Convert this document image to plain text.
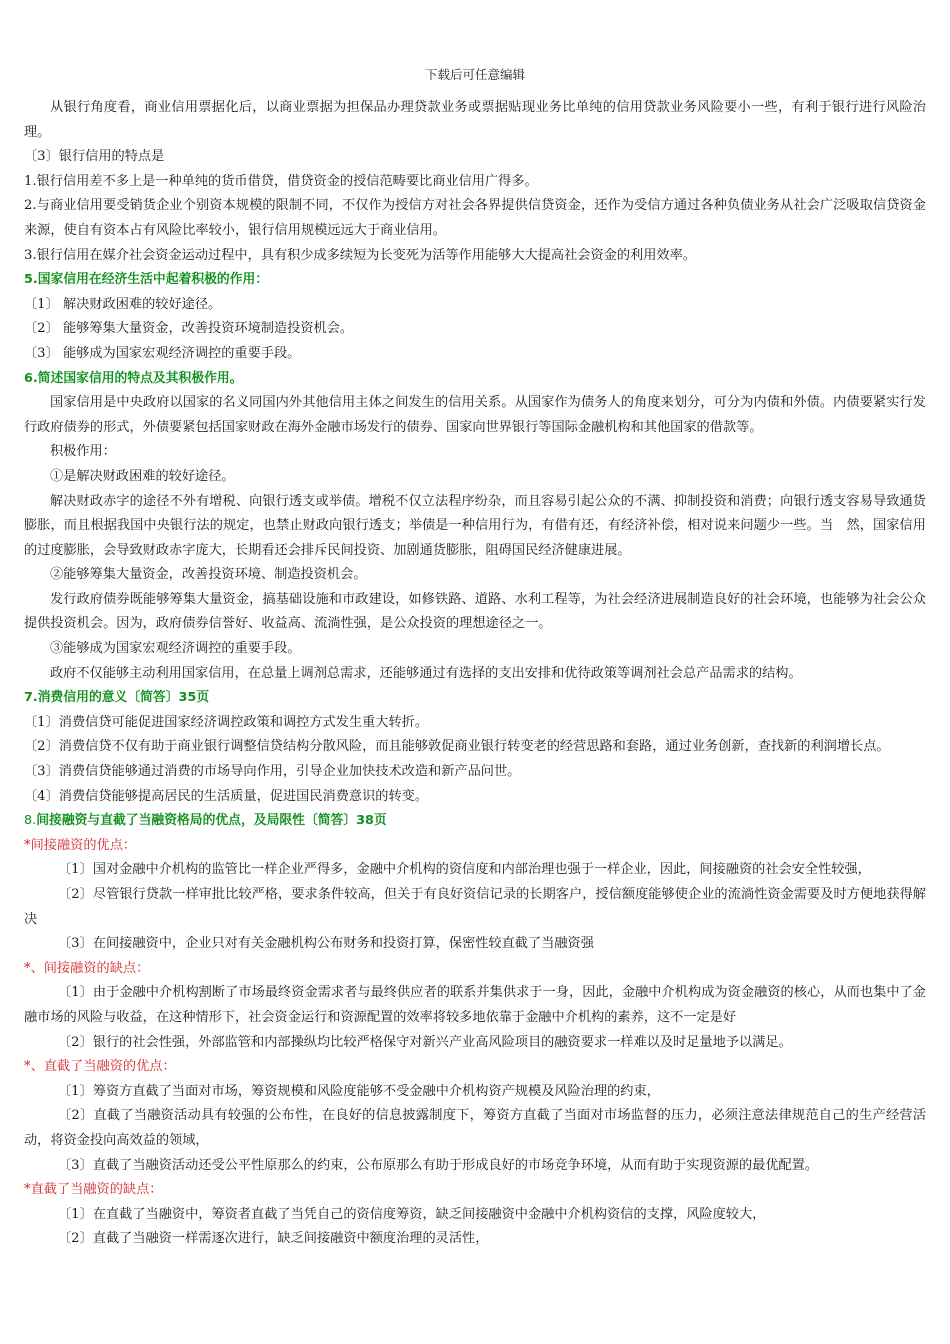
下载后可任意编辑

从银行角度看，商业信用票据化后，以商业票据为担保品办理贷款业务或票据贴现业务比单纯的信用贷款业务风险要小一些，有利于银行进行风险治理。

〔3〕银行信用的特点是

1.银行信用差不多上是一种单纯的货币借贷，借贷资金的授信范畴要比商业信用广得多。

2.与商业信用要受销货企业个别资本规模的限制不同，不仅作为授信方对社会各界提供信贷资金，还作为受信方通过各种负债业务从社会广泛吸取信贷资金来源，使自有资本占有风险比率较小，银行信用规模远远大于商业信用。

3.银行信用在媒介社会资金运动过程中，具有积少成多续短为长变死为活等作用能够大大提高社会资金的利用效率。

5.国家信用在经济生活中起着积极的作用：

〔1〕 解决财政困难的较好途径。

〔2〕 能够筹集大量资金，改善投资环境制造投资机会。

〔3〕 能够成为国家宏观经济调控的重要手段。

6.简述国家信用的特点及其积极作用。

国家信用是中央政府以国家的名义同国内外其他信用主体之间发生的信用关系。从国家作为债务人的角度来划分，可分为内债和外债。内债要紧实行发行政府债券的形式，外债要紧包括国家财政在海外金融市场发行的债券、国家向世界银行等国际金融机构和其他国家的借款等。

积极作用：

①是解决财政困难的较好途径。

解决财政赤字的途径不外有增税、向银行透支或举债。增税不仅立法程序纷杂，而且容易引起公众的不满、抑制投资和消费；向银行透支容易导致通货膨胀，而且根据我国中央银行法的规定，也禁止财政向银行透支；举债是一种信用行为，有借有还，有经济补偿，相对说来问题少一些。当　然，国家信用的过度膨胀，会导致财政赤字庞大，长期看还会排斥民间投资、加剧通货膨胀，阻碍国民经济健康进展。

②能够筹集大量资金，改善投资环境、制造投资机会。

发行政府债券既能够筹集大量资金，搞基础设施和市政建设，如修铁路、道路、水利工程等，为社会经济进展制造良好的社会环境，也能够为社会公众提供投资机会。因为，政府债券信誉好、收益高、流淌性强，是公众投资的理想途径之一。

③能够成为国家宏观经济调控的重要手段。

政府不仅能够主动利用国家信用，在总量上调剂总需求，还能够通过有选择的支出安排和优待政策等调剂社会总产品需求的结构。

7.消费信用的意义〔简答〕35页

〔1〕消费信贷可能促进国家经济调控政策和调控方式发生重大转折。

〔2〕消费信贷不仅有助于商业银行调整信贷结构分散风险，而且能够敦促商业银行转变老的经营思路和套路，通过业务创新，查找新的利润增长点。

〔3〕消费信贷能够通过消费的市场导向作用，引导企业加快技术改造和新产品问世。

〔4〕消费信贷能够提高居民的生活质量，促进国民消费意识的转变。

8.间接融资与直截了当融资格局的优点，及局限性〔简答〕38页

*间接融资的优点：

〔1〕国对金融中介机构的监管比一样企业严得多，金融中介机构的资信度和内部治理也强于一样企业，因此，间接融资的社会安全性较强，

〔2〕尽管银行贷款一样审批比较严格，要求条件较高，但关于有良好资信记录的长期客户，授信额度能够使企业的流淌性资金需要及时方便地获得解决

〔3〕在间接融资中，企业只对有关金融机构公布财务和投资打算，保密性较直截了当融资强

*、间接融资的缺点：

〔1〕由于金融中介机构割断了市场最终资金需求者与最终供应者的联系并集供求于一身，因此，金融中介机构成为资金融资的核心，从而也集中了金融市场的风险与收益，在这种情形下，社会资金运行和资源配置的效率将较多地依靠于金融中介机构的素养，这不一定是好

〔2〕银行的社会性强，外部监管和内部操纵均比较严格保守对新兴产业高风险项目的融资要求一样难以及时足量地予以满足。

*、直截了当融资的优点：

〔1〕筹资方直截了当面对市场，筹资规模和风险度能够不受金融中介机构资产规模及风险治理的约束，

〔2〕直截了当融资活动具有较强的公布性，在良好的信息披露制度下，筹资方直截了当面对市场监督的压力，必须注意法律规范自己的生产经营活动，将资金投向高效益的领域，

〔3〕直截了当融资活动还受公平性原那么的约束，公布原那么有助于形成良好的市场竞争环境，从而有助于实现资源的最优配置。

*直截了当融资的缺点：

〔1〕在直截了当融资中，筹资者直截了当凭自己的资信度筹资，缺乏间接融资中金融中介机构资信的支撑，风险度较大，

〔2〕直截了当融资一样需逐次进行，缺乏间接融资中额度治理的灵活性，
